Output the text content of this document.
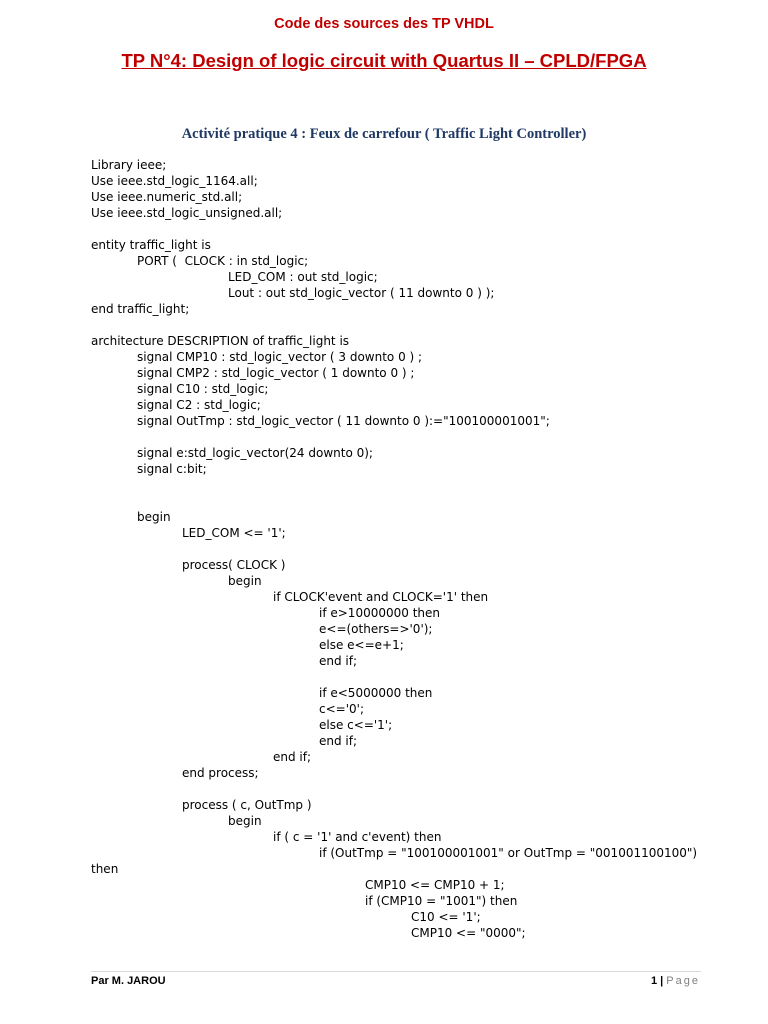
Code des sources des TP VHDL
TP N°4: Design of logic circuit with Quartus II – CPLD/FPGA
Activité pratique 4 : Feux de carrefour ( Traffic Light Controller)
Library ieee;
Use ieee.std_logic_1164.all;
Use ieee.numeric_std.all;
Use ieee.std_logic_unsigned.all;
entity traffic_light is
PORT (  CLOCK : in std_logic;
LED_COM : out std_logic;
Lout : out std_logic_vector ( 11 downto 0 ) );
end traffic_light;
architecture DESCRIPTION of traffic_light is
signal CMP10 : std_logic_vector ( 3 downto 0 ) ;
signal CMP2 : std_logic_vector ( 1 downto 0 ) ;
signal C10 : std_logic;
signal C2 : std_logic;
signal OutTmp : std_logic_vector ( 11 downto 0 ):="100100001001";
signal e:std_logic_vector(24 downto 0);
signal c:bit;
begin
LED_COM <= '1';
process( CLOCK )
begin
if CLOCK'event and CLOCK='1' then
if e>10000000 then
e<=(others=>'0');
else e<=e+1;
end if;
if e<5000000 then
c<='0';
else c<='1';
end if;
end if;
end process;
process ( c, OutTmp )
begin
if ( c = '1' and c'event) then
if (OutTmp = "100100001001" or OutTmp = "001001100100")
then
CMP10 <= CMP10 + 1;
if (CMP10 = "1001") then
C10 <= '1';
CMP10 <= "0000";
Par M. JAROU	1 | Page
